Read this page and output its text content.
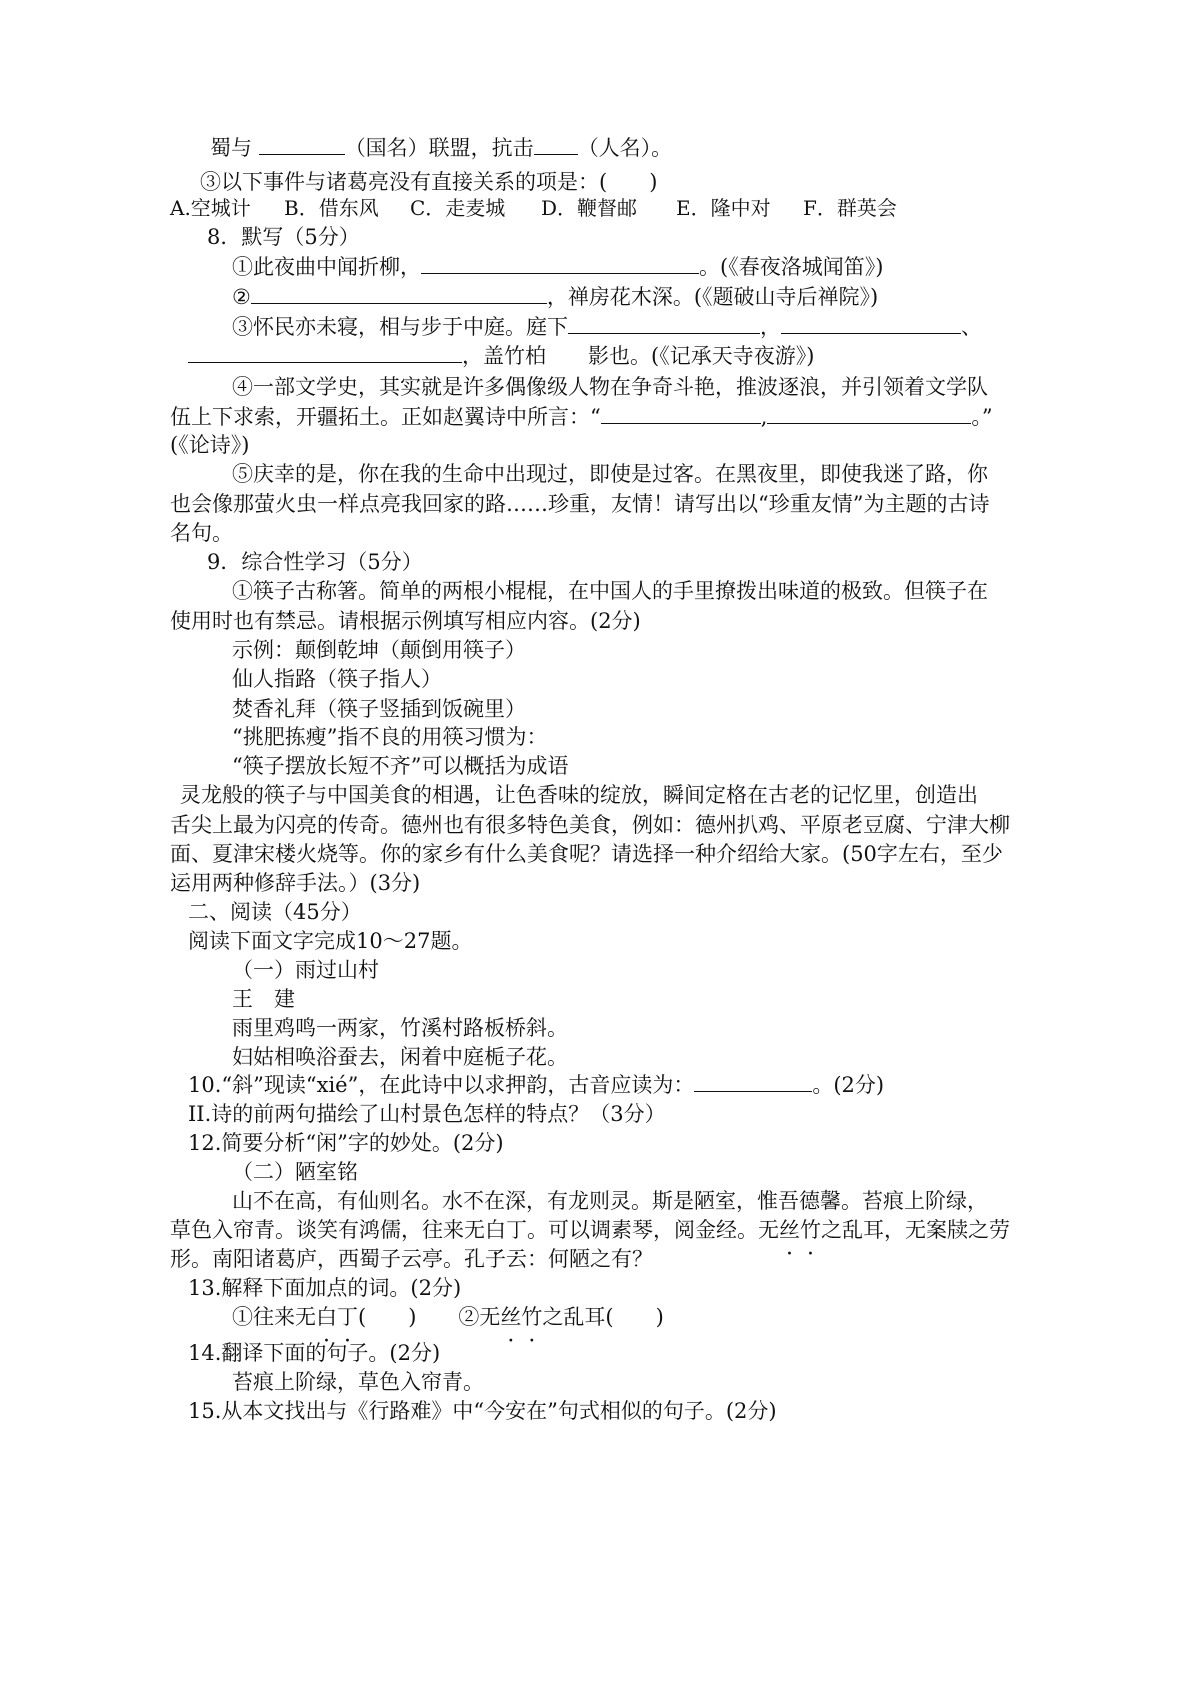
蜀与	（国名）联盟，抗击 （人名）。
③以下事件与诸葛亮没有直接关系的项是：(　　)
A.空城计 B．借东风 C．走麦城 D．鞭督邮 E．隆中对 F．群英会
8．默写（5分）
①此夜曲中闻折柳，	。(《春夜洛城闻笛》)
②	，禅房花木深。(《题破山寺后禅院》)
③怀民亦未寝，相与步于中庭。庭下	，	、
，盖竹柏　　影也。(《记承天寺夜游》)
④一部文学史，其实就是许多偶像级人物在争奇斗艳，推波逐浪，并引领着文学队
伍上下求索，开疆拓土。正如赵翼诗中所言：“	,	。”
(《论诗》)
⑤庆幸的是，你在我的生命中出现过，即使是过客。在黑夜里，即使我迷了路，你
也会像那萤火虫一样点亮我回家的路……珍重，友情！请写出以“珍重友情”为主题的古诗
名句。
9．综合性学习（5分）
①筷子古称箸。简单的两根小棍棍，在中国人的手里撩拨出味道的极致。但筷子在
使用时也有禁忌。请根据示例填写相应内容。(2分)
示例：颠倒乾坤（颠倒用筷子）
仙人指路（筷子指人）
焚香礼拜（筷子竖插到饭碗里）
“挑肥拣瘦”指不良的用筷习惯为：
“筷子摆放长短不齐”可以概括为成语
灵龙般的筷子与中国美食的相遇，让色香味的绽放，瞬间定格在古老的记忆里，创造出
舌尖上最为闪亮的传奇。德州也有很多特色美食，例如：德州扒鸡、平原老豆腐、宁津大柳
面、夏津宋楼火烧等。你的家乡有什么美食呢？请选择一种介绍给大家。(50字左右，至少
运用两种修辞手法。）(3分)
二、阅读（45分）
阅读下面文字完成10～27题。
（一）雨过山村
王　建
雨里鸡鸣一两家，竹溪村路板桥斜。
妇姑相唤浴蚕去，闲着中庭栀子花。
10.“斜”现读“xié”，在此诗中以求押韵，古音应读为：	。(2分)
II.诗的前两句描绘了山村景色怎样的特点？（3分）
12.简要分析“闲”字的妙处。(2分)
（二）陋室铭
山不在高，有仙则名。水不在深，有龙则灵。斯是陋室，惟吾德馨。苔痕上阶绿，
草色入帘青。谈笑有鸿儒，往来无白丁。可以调素琴，阅金经。无丝竹之乱耳，无案牍之劳
形。南阳诸葛庐，西蜀子云亭。孔子云：何陋之有？
13.解释下面加点的词。(2分)
①往来无白丁(　　)　　②无丝竹之乱耳(　　)
14.翻译下面的句子。(2分)
苔痕上阶绿，草色入帘青。
15.从本文找出与《行路难》中“今安在”句式相似的句子。(2分)
